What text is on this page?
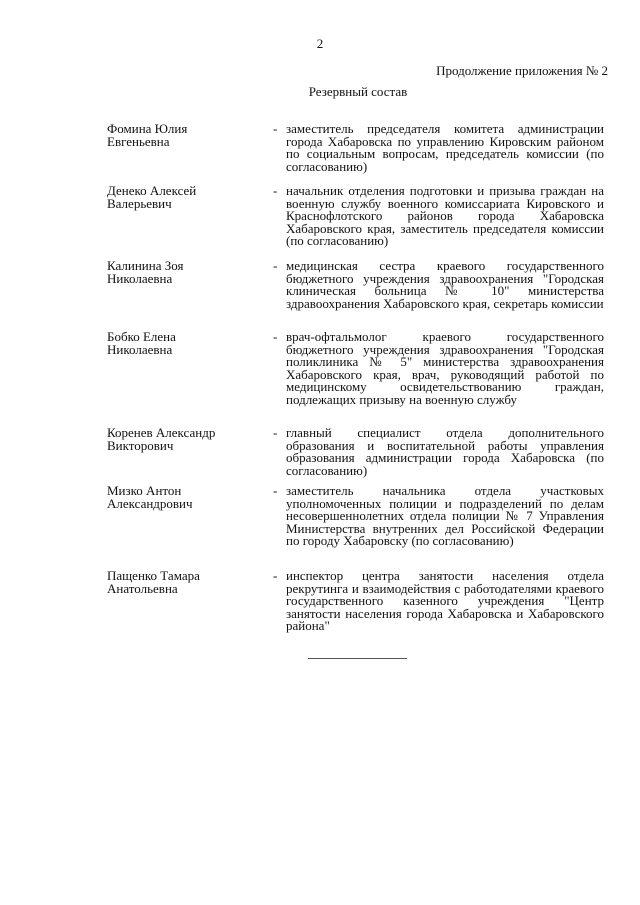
2
Продолжение приложения № 2
Резервный состав
Фомина Юлия
Евгеньевна
- заместитель председателя комитета администрации города Хабаровска по управлению Кировским районом по социальным вопросам, председатель комиссии (по согласованию)
Денеко Алексей
Валерьевич
- начальник отделения подготовки и призыва граждан на военную службу военного комиссариата Кировского и Краснофлотского районов города Хабаровска Хабаровского края, заместитель председателя комиссии (по согласованию)
Калинина Зоя
Николаевна
- медицинская сестра краевого государственного бюджетного учреждения здравоохранения "Городская клиническая больница № 10" министерства здравоохранения Хабаровского края, секретарь комиссии
Бобко Елена
Николаевна
- врач-офтальмолог краевого государственного бюджетного учреждения здравоохранения "Городская поликлиника № 5" министерства здравоохранения Хабаровского края, врач, руководящий работой по медицинскому освидетельствованию граждан, подлежащих призыву на военную службу
Коренев Александр
Викторович
- главный специалист отдела дополнительного образования и воспитательной работы управления образования администрации города Хабаровска (по согласованию)
Мизко Антон
Александрович
- заместитель начальника отдела участковых уполномоченных полиции и подразделений по делам несовершеннолетних отдела полиции № 7 Управления Министерства внутренних дел Российской Федерации по городу Хабаровску (по согласованию)
Пащенко Тамара
Анатольевна
- инспектор центра занятости населения отдела рекрутинга и взаимодействия с работодателями краевого государственного казенного учреждения "Центр занятости населения города Хабаровска и Хабаровского района"
